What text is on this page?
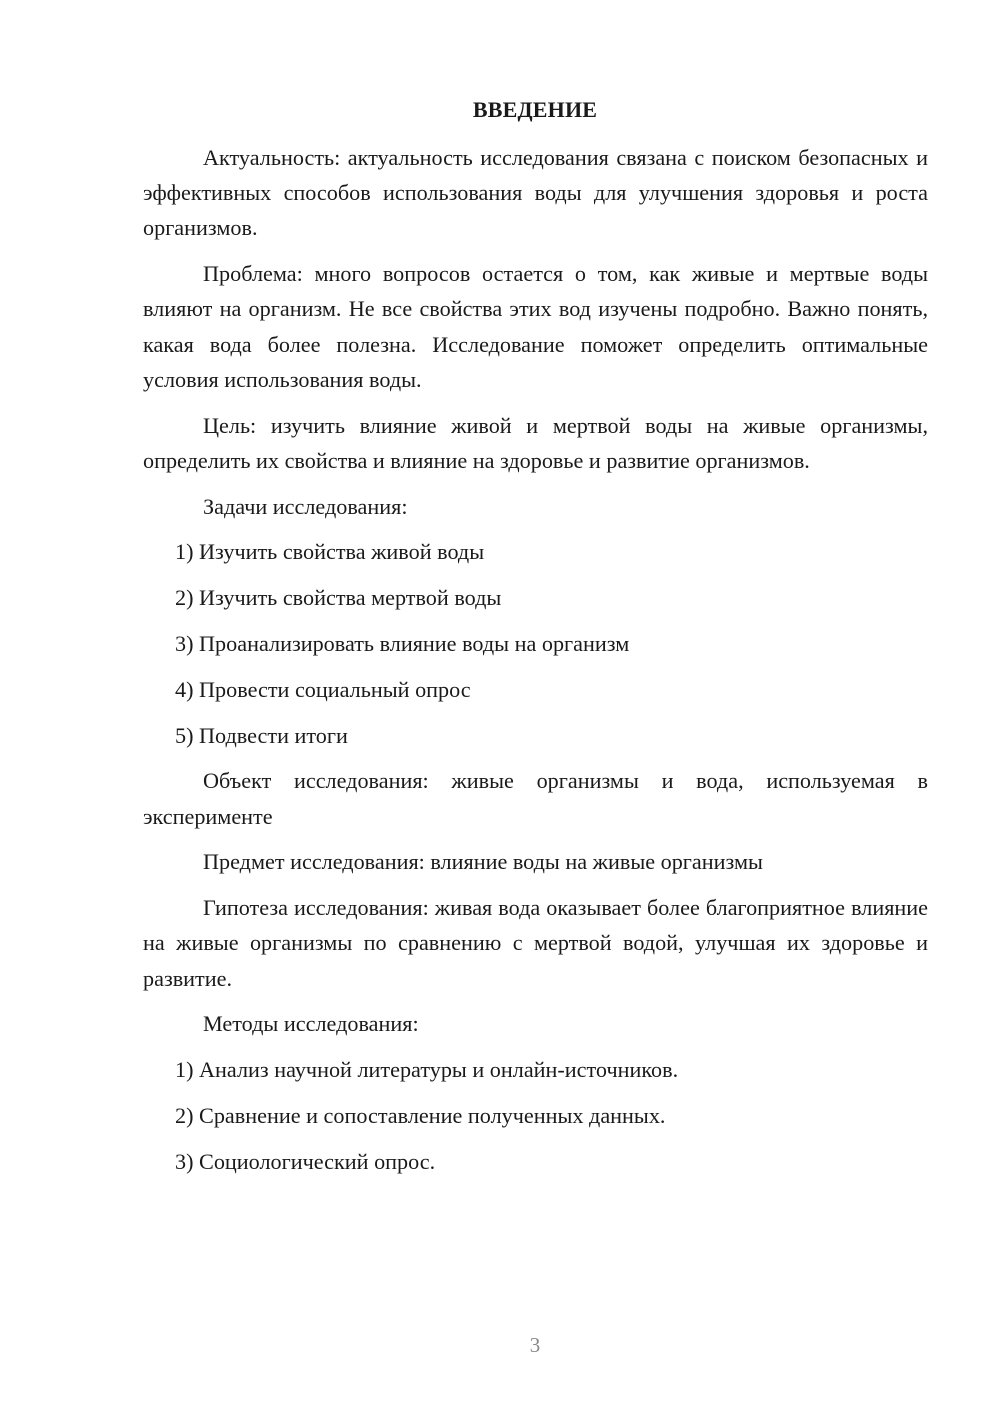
ВВЕДЕНИЕ

Актуальность: актуальность исследования связана с поиском безопасных и эффективных способов использования воды для улучшения здоровья и роста организмов.

Проблема: много вопросов остается о том, как живые и мертвые воды влияют на организм. Не все свойства этих вод изучены подробно. Важно понять, какая вода более полезна. Исследование поможет определить оптимальные условия использования воды.

Цель: изучить влияние живой и мертвой воды на живые организмы, определить их свойства и влияние на здоровье и развитие организмов.

Задачи исследования:

1) Изучить свойства живой воды
2) Изучить свойства мертвой воды
3) Проанализировать влияние воды на организм
4) Провести социальный опрос
5) Подвести итоги

Объект исследования: живые организмы и вода, используемая в эксперименте

Предмет исследования: влияние воды на живые организмы

Гипотеза исследования: живая вода оказывает более благоприятное влияние на живые организмы по сравнению с мертвой водой, улучшая их здоровье и развитие.

Методы исследования:

1) Анализ научной литературы и онлайн-источников.
2) Сравнение и сопоставление полученных данных.
3) Социологический опрос.
3
